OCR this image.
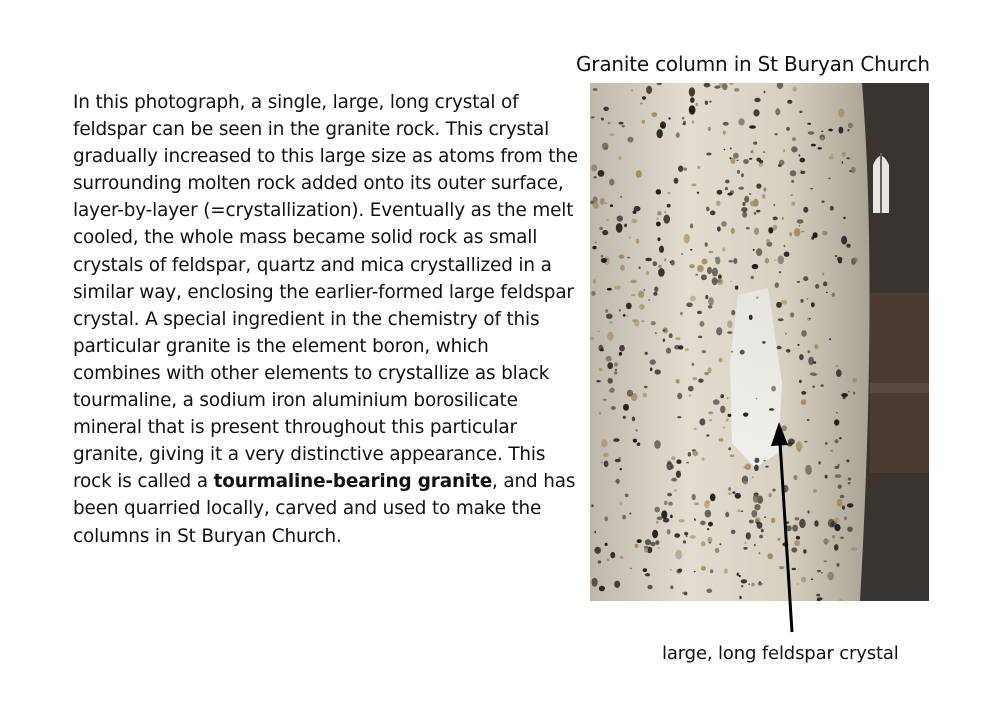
Granite column in St Buryan Church

In this photograph, a single, large, long crystal of feldspar can be seen in the granite rock. This crystal gradually increased to this large size as atoms from the surrounding molten rock added onto its outer surface, layer-by-layer (=crystallization). Eventually as the melt cooled, the whole mass became solid rock as small crystals of feldspar, quartz and mica crystallized in a similar way, enclosing the earlier-formed large feldspar crystal. A special ingredient in the chemistry of this particular granite is the element boron, which combines with other elements to crystallize as black tourmaline, a sodium iron aluminium borosilicate mineral that is present throughout this particular granite, giving it a very distinctive appearance. This rock is called a tourmaline-bearing granite, and has been quarried locally, carved and used to make the columns in St Buryan Church.

large, long feldspar crystal
